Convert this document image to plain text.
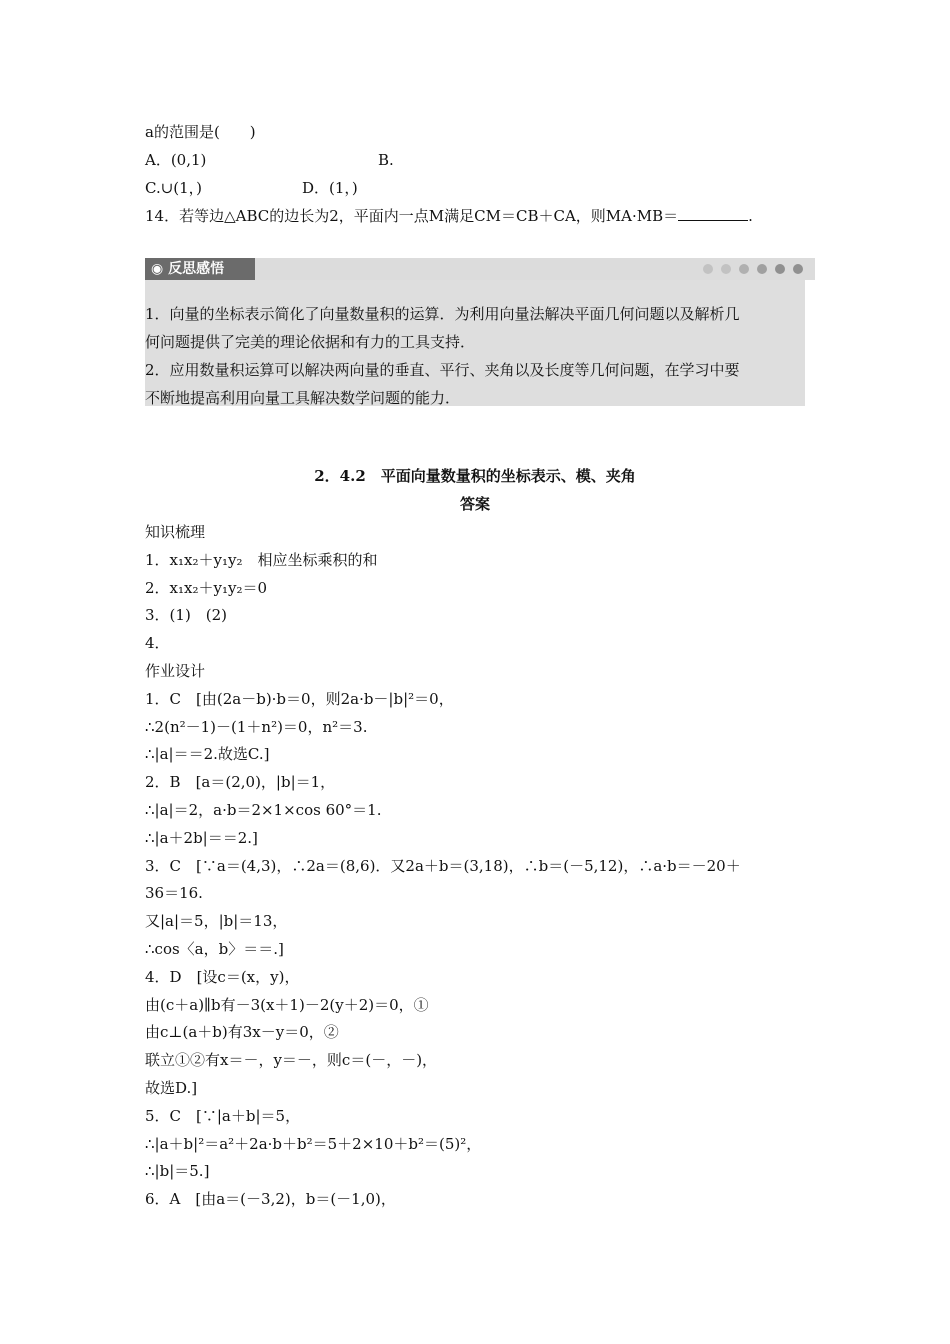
a的范围是(　　)
A．(0,1)	B.
C.∪(1，)	D．(1，)
14．若等边△ABC的边长为2，平面内一点M满足CM＝CB＋CA，则MA·MB＝	.
◉ 反思感悟
1．向量的坐标表示简化了向量数量积的运算．为利用向量法解决平面几何问题以及解析几
何问题提供了完美的理论依据和有力的工具支持．
2．应用数量积运算可以解决两向量的垂直、平行、夹角以及长度等几何问题，在学习中要
不断地提高利用向量工具解决数学问题的能力．
2．4.2　平面向量数量积的坐标表示、模、夹角
答案
知识梳理
1．x₁x₂＋y₁y₂　相应坐标乘积的和
2．x₁x₂＋y₁y₂＝0
3．(1)　(2)
4．
作业设计
1．C　[由(2a－b)·b＝0，则2a·b－|b|²＝0，
∴2(n²－1)－(1＋n²)＝0，n²＝3.
∴|a|＝＝2.故选C.]
2．B　[a＝(2,0)，|b|＝1，
∴|a|＝2，a·b＝2×1×cos 60°＝1.
∴|a＋2b|＝＝2.]
3．C　[∵a＝(4,3)，∴2a＝(8,6)．又2a＋b＝(3,18)，∴b＝(－5,12)，∴a·b＝－20＋
36＝16.
又|a|＝5，|b|＝13，
∴cos〈a，b〉＝＝.]
4．D　[设c＝(x，y)，
由(c＋a)∥b有－3(x＋1)－2(y＋2)＝0，①
由c⊥(a＋b)有3x－y＝0，②
联立①②有x＝－，y＝－，则c＝(－，－)，
故选D.]
5．C　[∵|a＋b|＝5，
∴|a＋b|²＝a²＋2a·b＋b²＝5＋2×10＋b²＝(5)²，
∴|b|＝5.]
6．A　[由a＝(－3,2)，b＝(－1,0)，
